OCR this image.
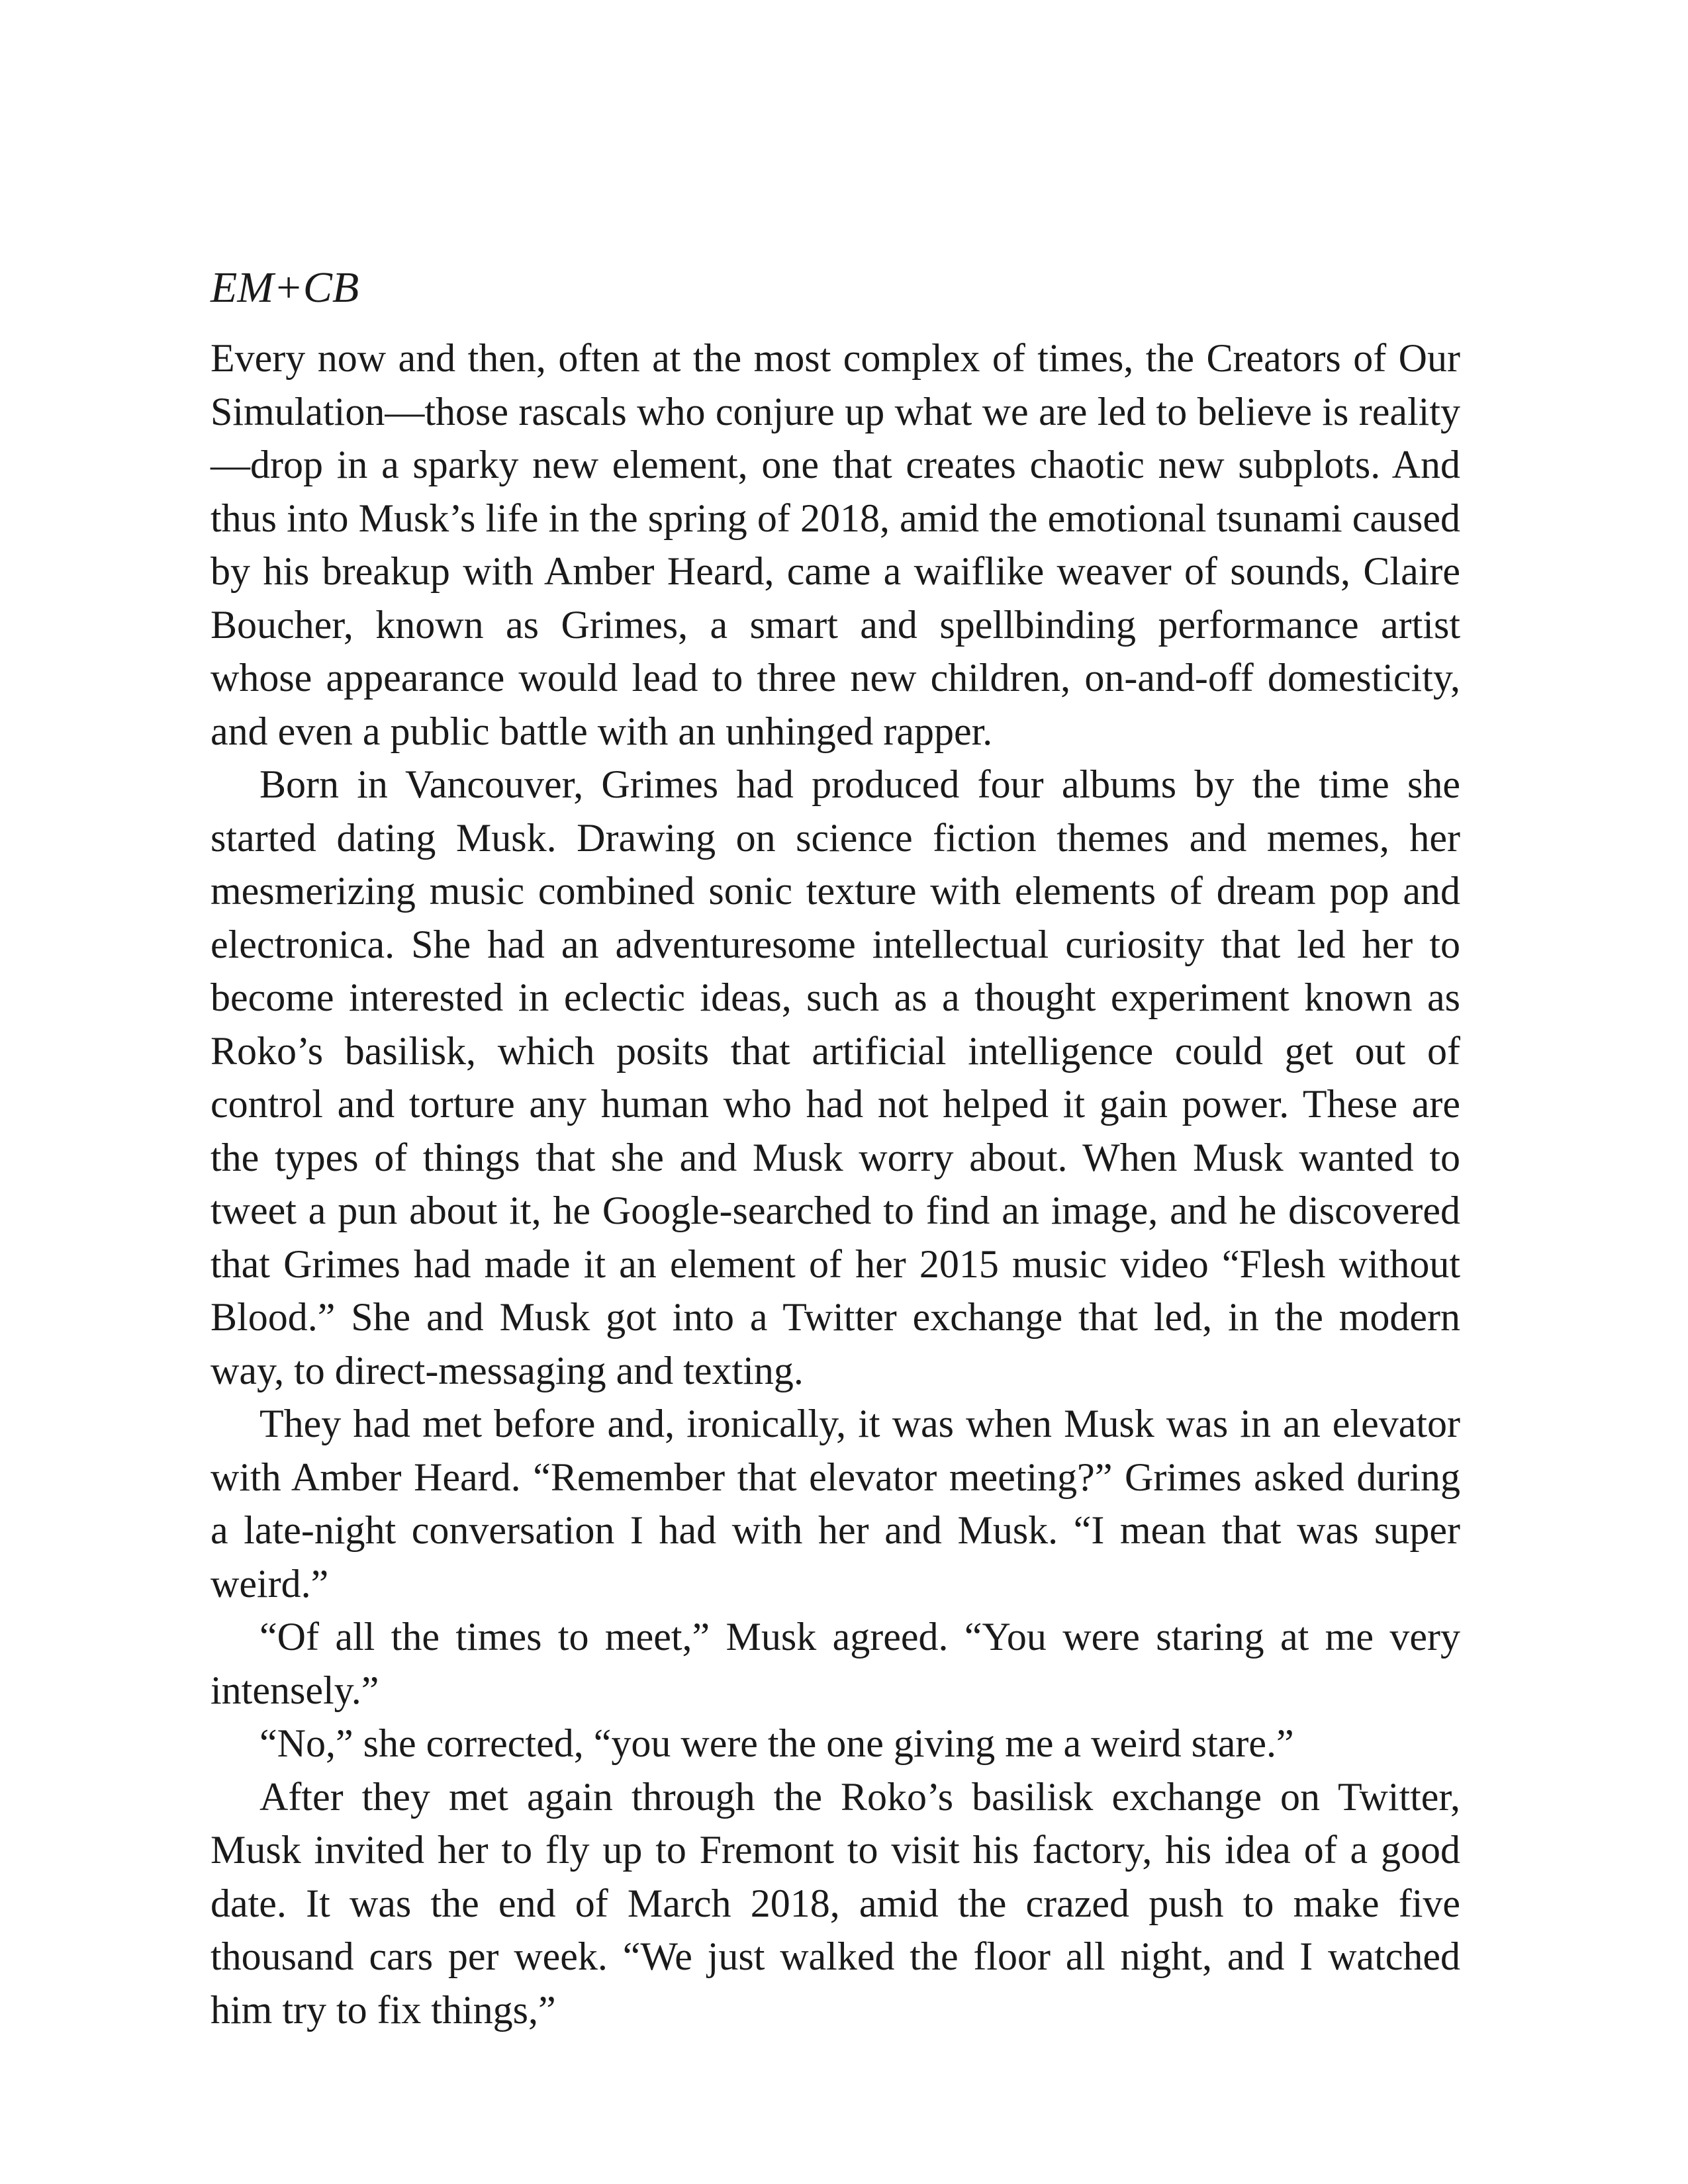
EM+CB

Every now and then, often at the most complex of times, the Creators of Our Simulation—those rascals who conjure up what we are led to believe is reality—drop in a sparky new element, one that creates chaotic new subplots. And thus into Musk’s life in the spring of 2018, amid the emotional tsunami caused by his breakup with Amber Heard, came a waiflike weaver of sounds, Claire Boucher, known as Grimes, a smart and spellbinding performance artist whose appearance would lead to three new children, on-and-off domesticity, and even a public battle with an unhinged rapper.

Born in Vancouver, Grimes had produced four albums by the time she started dating Musk. Drawing on science fiction themes and memes, her mesmerizing music combined sonic texture with elements of dream pop and electronica. She had an adventuresome intellectual curiosity that led her to become interested in eclectic ideas, such as a thought experiment known as Roko’s basilisk, which posits that artificial intelligence could get out of control and torture any human who had not helped it gain power. These are the types of things that she and Musk worry about. When Musk wanted to tweet a pun about it, he Google-searched to find an image, and he discovered that Grimes had made it an element of her 2015 music video “Flesh without Blood.” She and Musk got into a Twitter exchange that led, in the modern way, to direct-messaging and texting.

They had met before and, ironically, it was when Musk was in an elevator with Amber Heard. “Remember that elevator meeting?” Grimes asked during a late-night conversation I had with her and Musk. “I mean that was super weird.”

“Of all the times to meet,” Musk agreed. “You were staring at me very intensely.”

“No,” she corrected, “you were the one giving me a weird stare.”

After they met again through the Roko’s basilisk exchange on Twitter, Musk invited her to fly up to Fremont to visit his factory, his idea of a good date. It was the end of March 2018, amid the crazed push to make five thousand cars per week. “We just walked the floor all night, and I watched him try to fix things,”
